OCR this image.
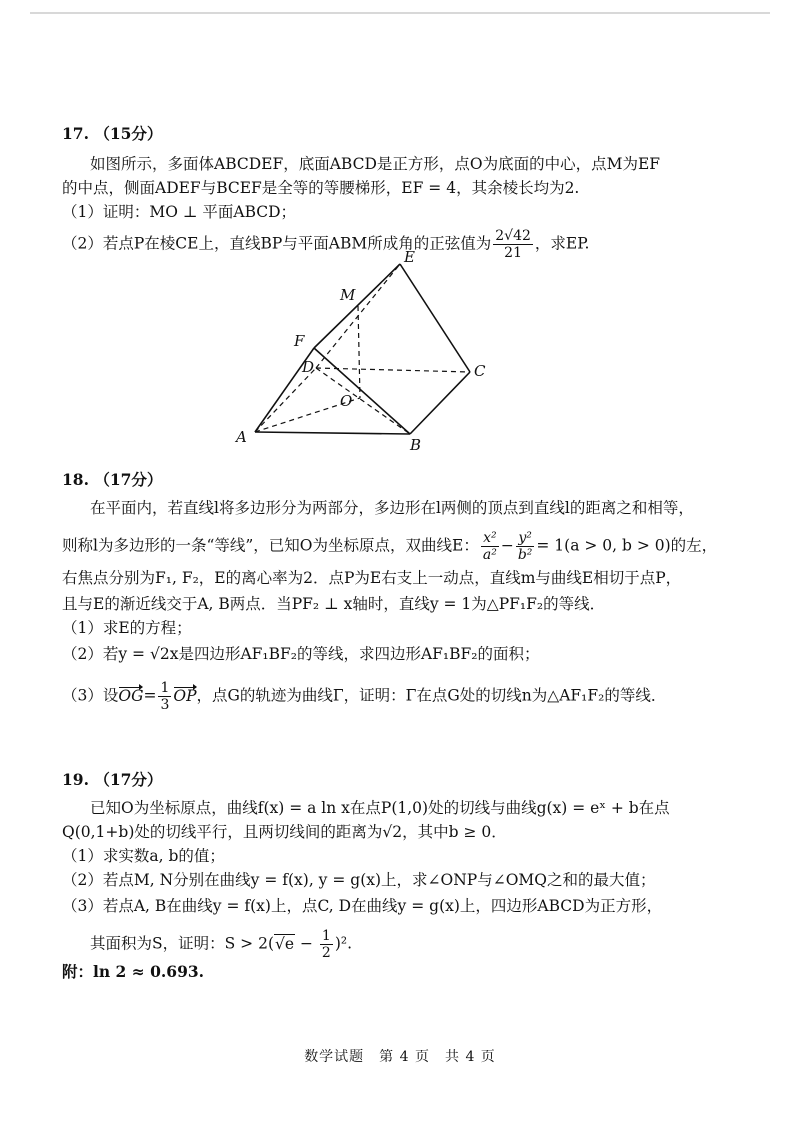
17. （15分）
如图所示，多面体ABCDEF，底面ABCD是正方形，点O为底面的中心，点M为EF
的中点，侧面ADEF与BCEF是全等的等腰梯形，EF = 4，其余棱长均为2.
（1）证明：MO ⊥ 平面ABCD；
（2）若点P在棱CE上，直线BP与平面ABM所成角的正弦值为 $\frac{2√42}{21}$ ，求EP.
E
M
F
D	C
O
A	B
18. （17分）
在平面内，若直线l将多边形分为两部分，多边形在l两侧的顶点到直线l的距离之和相等，
则称l为多边形的一条“等线”，已知O为坐标原点，双曲线E： $\frac{\text{x²}}{\text{a²}} - \frac{\text{y²}}{\text{b²}} = 1(a > 0$, b > 0)的左，
右焦点分别为F₁, F₂，E的离心率为2．点P为E右支上一动点，直线m与曲线E相切于点P，
且与E的渐近线交于A, B两点．当PF₂ ⊥ x轴时，直线y = 1为△PF₁F₂的等线．
（1）求E的方程；
（2）若y = √2x是四边形AF₁BF₂的等线，求四边形AF₁BF₂的面积；
（3）设$OG= \frac{1}{3}$ OP，点G的轨迹为曲线Γ，证明：Γ在点G处的切线n为△AF₁F₂的等线．
19. （17分）
已知O为坐标原点，曲线f(x) = a ln x在点P(1,0)处的切线与曲线g(x) = eˣ + b在点
Q(0,1+b)处的切线平行，且两切线间的距离为√2，其中b ≥ 0．
（1）求实数a, b的值；
（2）若点M, N分别在曲线y = f(x), y = g(x)上，求∠ONP与∠OMQ之和的最大值；
（3）若点A, B在曲线y = f(x)上，点C, D在曲线y = g(x)上，四边形ABCD为正方形，
其面积为S，证明：$S > 2(√e - \frac{1}{2} )^2$.
附：ln 2 ≈ 0.693.
数学试题　第 4 页　共 4 页
